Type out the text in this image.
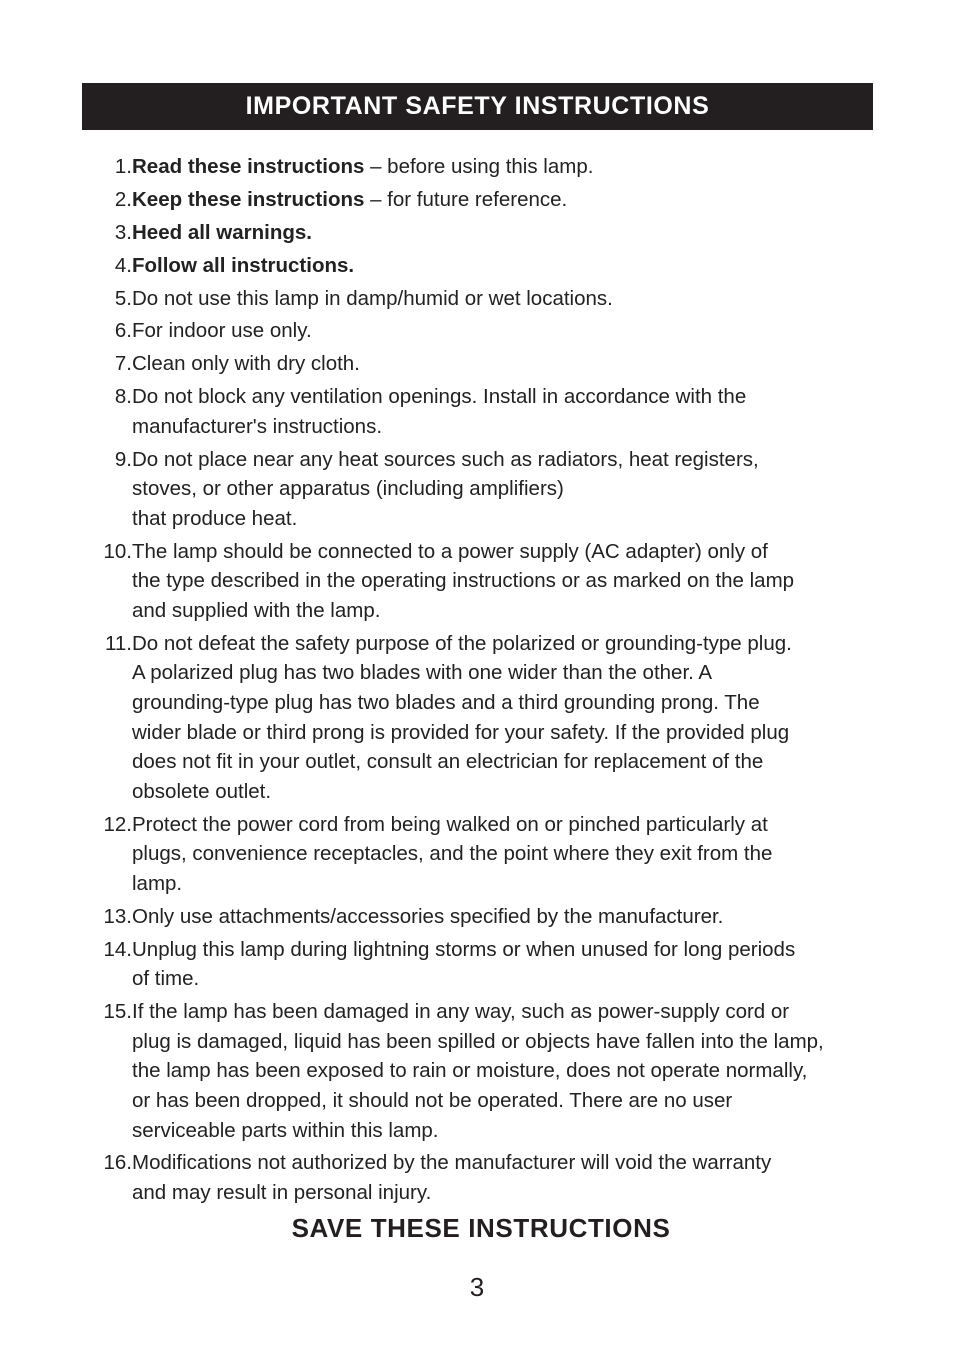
IMPORTANT SAFETY INSTRUCTIONS
1. Read these instructions – before using this lamp.
2. Keep these instructions – for future reference.
3. Heed all warnings.
4. Follow all instructions.
5. Do not use this lamp in damp/humid or wet locations.
6. For indoor use only.
7. Clean only with dry cloth.
8. Do not block any ventilation openings. Install in accordance with the
manufacturer's instructions.
9. Do not place near any heat sources such as radiators, heat registers,
stoves, or other apparatus (including amplifiers)
that produce heat.
10. The lamp should be connected to a power supply (AC adapter) only of
the type described in the operating instructions or as marked on the lamp
and supplied with the lamp.
11. Do not defeat the safety purpose of the polarized or grounding-type plug.
A polarized plug has two blades with one wider than the other. A
grounding-type plug has two blades and a third grounding prong. The
wider blade or third prong is provided for your safety. If the provided plug
does not fit in your outlet, consult an electrician for replacement of the
obsolete outlet.
12. Protect the power cord from being walked on or pinched particularly at
plugs, convenience receptacles, and the point where they exit from the
lamp.
13. Only use attachments/accessories specified by the manufacturer.
14. Unplug this lamp during lightning storms or when unused for long periods
of time.
15. If the lamp has been damaged in any way, such as power-supply cord or
plug is damaged, liquid has been spilled or objects have fallen into the lamp,
the lamp has been exposed to rain or moisture, does not operate normally,
or has been dropped, it should not be operated. There are no user
serviceable parts within this lamp.
16. Modifications not authorized by the manufacturer will void the warranty
and may result in personal injury.
SAVE THESE INSTRUCTIONS
3
